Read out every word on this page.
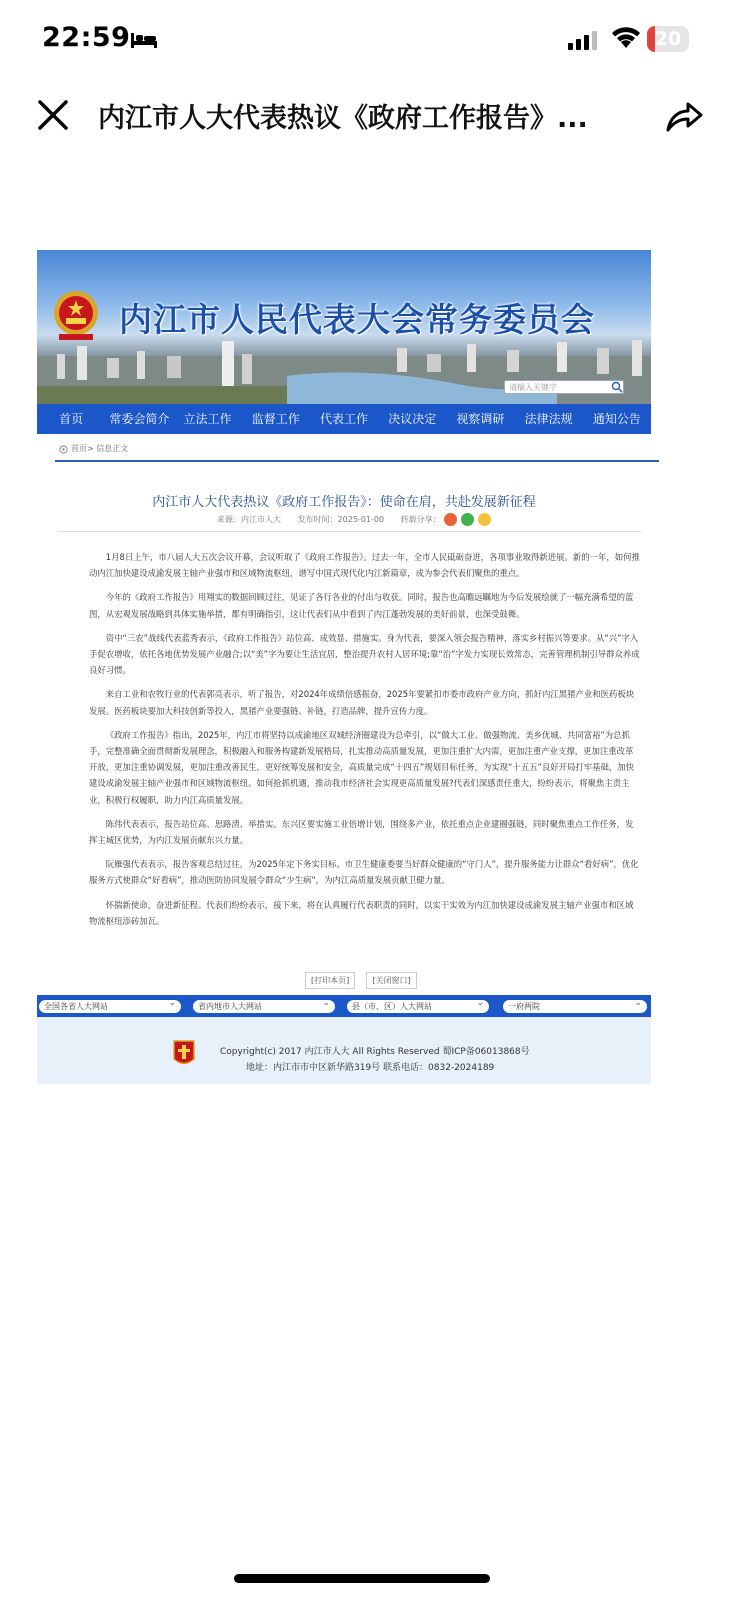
22:59	20
内江市人大代表热议《政府工作报告》...
内江市人民代表大会常务委员会
请输入关键字
首页	常委会简介	立法工作	监督工作	代表工作	决议决定	视察调研	法律法规	通知公告
首页> 信息正文
内江市人大代表热议《政府工作报告》：使命在肩，共赴发展新征程
来源：内江市人大 发布时间：2025-01-00 转载分享：

1月8日上午，市八届人大五次会议开幕，会议听取了《政府工作报告》。过去一年，全市人民砥砺奋进，各项事业取得新进展。新的一年，如何推动内江加快建设成渝发展主轴产业强市和区域物流枢纽，谱写中国式现代化内江新篇章，成为参会代表们聚焦的重点。

今年的《政府工作报告》用翔实的数据回顾过往，见证了各行各业的付出与收获。同时，报告也高瞻远瞩地为今后发展绘就了一幅充满希望的蓝图，从宏观发展战略到具体实施举措，都有明确指引，这让代表们从中看到了内江蓬勃发展的美好前景，也深受鼓舞。

资中“三农”战线代表蓝秀表示，《政府工作报告》站位高、成效显、措施实。身为代表，要深入领会报告精神，落实乡村振兴等要求。从“兴”字入手促农增收，依托各地优势发展产业融合;以“美”字为要让生活宜居，整治提升农村人居环境;靠“治”字发力实现长效常态，完善管理机制引导群众养成良好习惯。

来自工业和农牧行业的代表郭亮表示，听了报告，对2024年成绩倍感振奋，2025年要紧扣市委市政府产业方向，抓好内江黑猪产业和医药板块发展。医药板块要加大科技创新等投入，黑猪产业要强链、补链，打造品牌，提升宣传力度。

《政府工作报告》指出，2025年，内江市将坚持以成渝地区双城经济圈建设为总牵引，以“做大工业、做强物流、美乡优城、共同富裕”为总抓手，完整准确全面贯彻新发展理念，积极融入和服务构建新发展格局，扎实推动高质量发展，更加注重扩大内需，更加注重产业支撑，更加注重改革开放，更加注重协调发展，更加注重改善民生，更好统筹发展和安全，高质量完成“十四五”规划目标任务，为实现“十五五”良好开局打牢基础，加快建设成渝发展主轴产业强市和区域物流枢纽。如何抢抓机遇，推动我市经济社会实现更高质量发展?代表们深感责任重大，纷纷表示，将聚焦主责主业，积极行权履职，助力内江高质量发展。

陈伟代表表示，报告站位高、思路清、举措实。东兴区要实施工业倍增计划，围绕多产业，依托重点企业建圈强链，同时聚焦重点工作任务，发挥主城区优势，为内江发展贡献东兴力量。

阮雁强代表表示，报告客观总结过往，为2025年定下务实目标。市卫生健康委要当好群众健康的“守门人”，提升服务能力让群众“看好病”，优化服务方式使群众“好看病”，推动医防协同发展令群众“少生病”，为内江高质量发展贡献卫健力量。

怀揣新使命，奋进新征程。代表们纷纷表示，接下来，将在认真履行代表职责的同时，以实干实效为内江加快建设成渝发展主轴产业强市和区域物流枢纽添砖加瓦。

[打印本页]	[关闭窗口]
全国各省人大网站 ⌄	省内地市人大网站 ⌄	县（市、区）人大网站 ⌄	一府两院 ⌄
Copyright(c) 2017 内江市人大 All Rights Reserved 蜀ICP备06013868号
地址：内江市市中区新华路319号 联系电话：0832-2024189
